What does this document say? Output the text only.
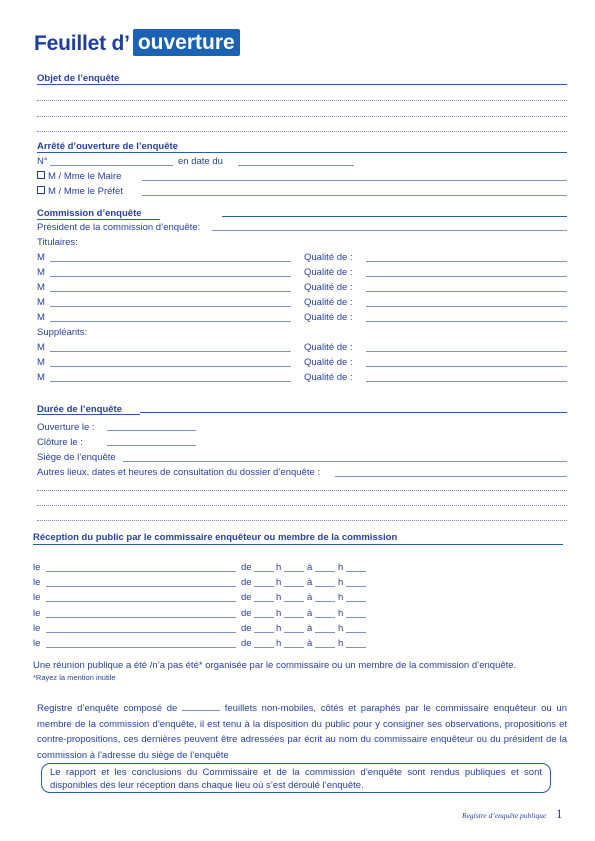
Feuillet d’ ouverture
Objet de l’enquête
Arrêté d’ouverture de l’enquête
N°	en date du
M / Mme le Maire
M / Mme le Préfet
Commission d’enquête
Président de la commission d’enquête:
Titulaires:
M	Qualité de :
M	Qualité de :
M	Qualité de :
M	Qualité de :
M	Qualité de :
Suppléants:
M	Qualité de :
M	Qualité de :
M	Qualité de :
Durée de l’enquête
Ouverture le :
Clôture le :
Siège de l’enquête
Autres lieux, dates et heures de consultation du dossier d’enquête :
Réception du public par le commissaire enquêteur ou membre de la commission
le	de	h	à	h
le	de	h	à	h
le	de	h	à	h
le	de	h	à	h
le	de	h	à	h
le	de	h	à	h
Une réunion publique a été /n’a pas été* organisée par le commissaire ou un membre de la commission d’enquête.
*Rayez la mention inutile
Registre d’enquête composé de	feuillets non-mobiles, côtés et paraphés par le commissaire enquêteur ou un membre de la commission d’enquête, il est tenu à la disposition du public pour y consigner ses observations, propositions et contre-propositions, ces dernières peuvent être adressées par écrit au nom du commissaire enquêteur ou du président de la commission à l’adresse du siège de l’enquête
Le rapport et les conclusions du Commissaire et de la commission d’enquête sont rendus publiques et sont disponibles dès leur réception dans chaque lieu où s’est déroulé l’enquête.
Registre d’enquête publique 1
